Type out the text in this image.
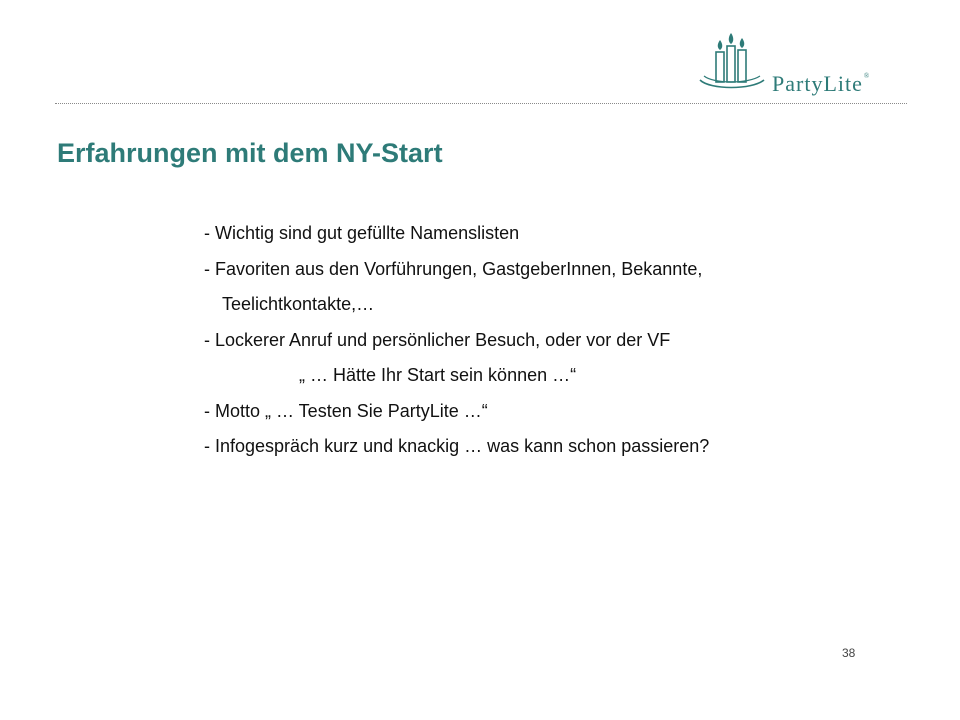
PartyLite®
Erfahrungen mit dem NY-Start
- Wichtig sind gut gefüllte Namenslisten
- Favoriten aus den Vorführungen, GastgeberInnen, Bekannte,
Teelichtkontakte,…
- Lockerer Anruf und persönlicher Besuch, oder vor der VF
„ … Hätte Ihr Start sein können …“
- Motto „ … Testen Sie PartyLite …“
- Infogespräch kurz und knackig … was kann schon passieren?
38
